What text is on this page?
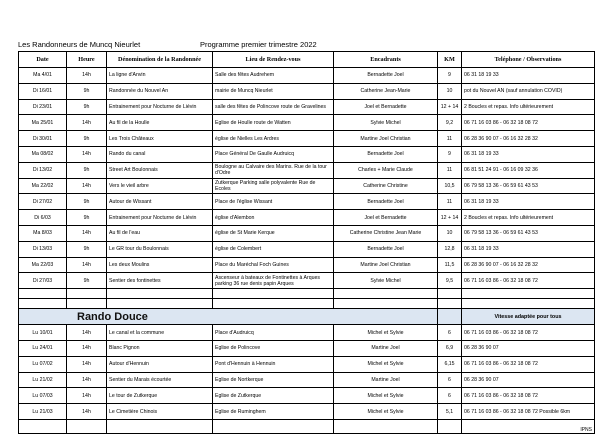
Les Randonneurs de Muncq Nieurlet	Programme premier trimestre 2022
Date	Heure	Dénomination de la Randonnée	Lieu de Rendez-vous	Encadrants	KM	Teléphone / Observations
Ma 4/01	14h	La ligne d'Anvin	Salle des fêtes Audrehem	Bernadette Joel	9	06 31 18 19 33
Di 16/01	9h	Randonnée du Nouvel An	mairie de Muncq Nieurlet	Catherine Jean-Marie	10	pot du Nouvel AN (sauf annulation COVID)
Di 23/01	9h	Entrainement pour Nocturne de Liévin	salle des fêtes de Polincove route de Gravelines	Joel et Bernadette	12 + 14	2 Boucles et repas. Info ultérieurement
Ma 25/01	14h	Au fil de la Houlle	Eglise de Houlle route de Watten	Sylvie Michel	9,2	06 71 16 03 86 - 06 32 18 08 72
Di 30/01	9h	Les Trois Châteaux	église de Nielles Les Ardres	Martine Joel Christian	11	06 28 36 90 07 - 06 16 32 28 32
Ma 08/02	14h	Rando du canal	Place Général De Gaulle Audruicq	Bernadette Joel	9	06 31 18 19 33
Di 13/02	9h	Street Art Boulonnais	Boulogne au Calvaire des Marins. Rue de la tour d'Odre	Charles + Marie Claude	11	06 81 51 24 91 - 06 16 09 32 36
Ma 22/02	14h	Vers le vieil arbre	Zutkerque Parking salle polyvalente Rue de Ecoles	Catherine Christine	10,5	06 79 58 13 36 - 06 59 61 43 53
Di 27/02	9h	Autour de Wissant	Place de l'église Wissant	Bernadette Joel	11	06 31 18 19 33
Di 6/03	9h	Entrainement pour Nocturne de Liévin	église d'Alembon	Joel et Bernadette	12 + 14	2 Boucles et repas. Info ultérieurement
Ma 8/03	14h	Au fil de l'eau	église de St Marie Kerque	Catherine Christine Jean Marie	10	06 79 58 13 36 - 06 59 61 43 53
Di 13/03	9h	Le GR tour du Boulonnais	église de Colembert	Bernadette Joel	12,8	06 31 18 19 33
Ma 22/03	14h	Les deux Moulins	Place du Maréchal Foch Guines	Martine Joel Christian	11,5	06 28 36 90 07 - 06 16 32 28 32
Di 27/03	9h	Sentier des fontinettes	Ascenseur à bateaux de Fontinettes à Arques parking 36 rue denis papin Arques	Sylvie Michel	9,5	06 71 16 03 86 - 06 32 18 08 72

Rando Douce						Vitesse adaptée pour tous
Lu 10/01	14h	Le canal et la commune	Place d'Audruicq	Michel et Sylvie	6	06 71 16 03 86 - 06 32 18 08 72
Lu 24/01	14h	Blanc Pignon	Eglise de Polincove	Martine Joel	6,9	06 28 36 90 07
Lu 07/02	14h	Autour d'Hennuin	Pont d'Hennuin à Hennuin	Michel et Sylvie	6,15	06 71 16 03 86 - 06 32 18 08 72
Lu 21/02	14h	Sentier du Marais écourtée	Eglise de Nortkerque	Martine Joel	6	06 28 36 90 07
Lu 07/03	14h	Le tour de Zutkerque	Eglise de Zutkerque	Michel et Sylvie	6	06 71 16 03 86 - 06 32 18 08 72
Lu 21/03	14h	Le Cimetière Chinois	Eglise de Ruminghem	Michel et Sylvie	5,1	06 71 16 03 86 - 06 32 18 08 72 Possible 6km
						IPNS
